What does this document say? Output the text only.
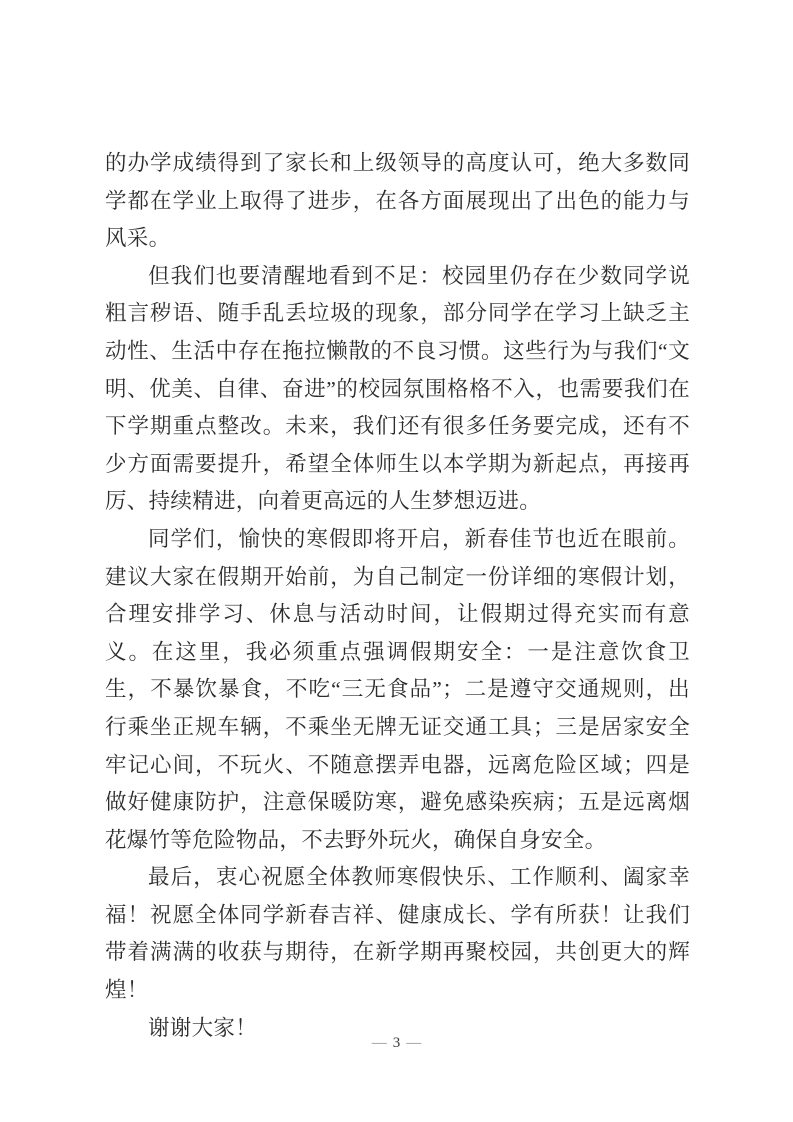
的办学成绩得到了家长和上级领导的高度认可，绝大多数同学都在学业上取得了进步，在各方面展现出了出色的能力与风采。

但我们也要清醒地看到不足：校园里仍存在少数同学说粗言秽语、随手乱丢垃圾的现象，部分同学在学习上缺乏主动性、生活中存在拖拉懒散的不良习惯。这些行为与我们“文明、优美、自律、奋进”的校园氛围格格不入，也需要我们在下学期重点整改。未来，我们还有很多任务要完成，还有不少方面需要提升，希望全体师生以本学期为新起点，再接再厉、持续精进，向着更高远的人生梦想迈进。

同学们，愉快的寒假即将开启，新春佳节也近在眼前。建议大家在假期开始前，为自己制定一份详细的寒假计划，合理安排学习、休息与活动时间，让假期过得充实而有意义。在这里，我必须重点强调假期安全：一是注意饮食卫生，不暴饮暴食，不吃“三无食品”；二是遵守交通规则，出行乘坐正规车辆，不乘坐无牌无证交通工具；三是居家安全牢记心间，不玩火、不随意摆弄电器，远离危险区域；四是做好健康防护，注意保暖防寒，避免感染疾病；五是远离烟花爆竹等危险物品，不去野外玩火，确保自身安全。

最后，衷心祝愿全体教师寒假快乐、工作顺利、阖家幸福！祝愿全体同学新春吉祥、健康成长、学有所获！让我们带着满满的收获与期待，在新学期再聚校园，共创更大的辉煌！

谢谢大家！

— 3 —
